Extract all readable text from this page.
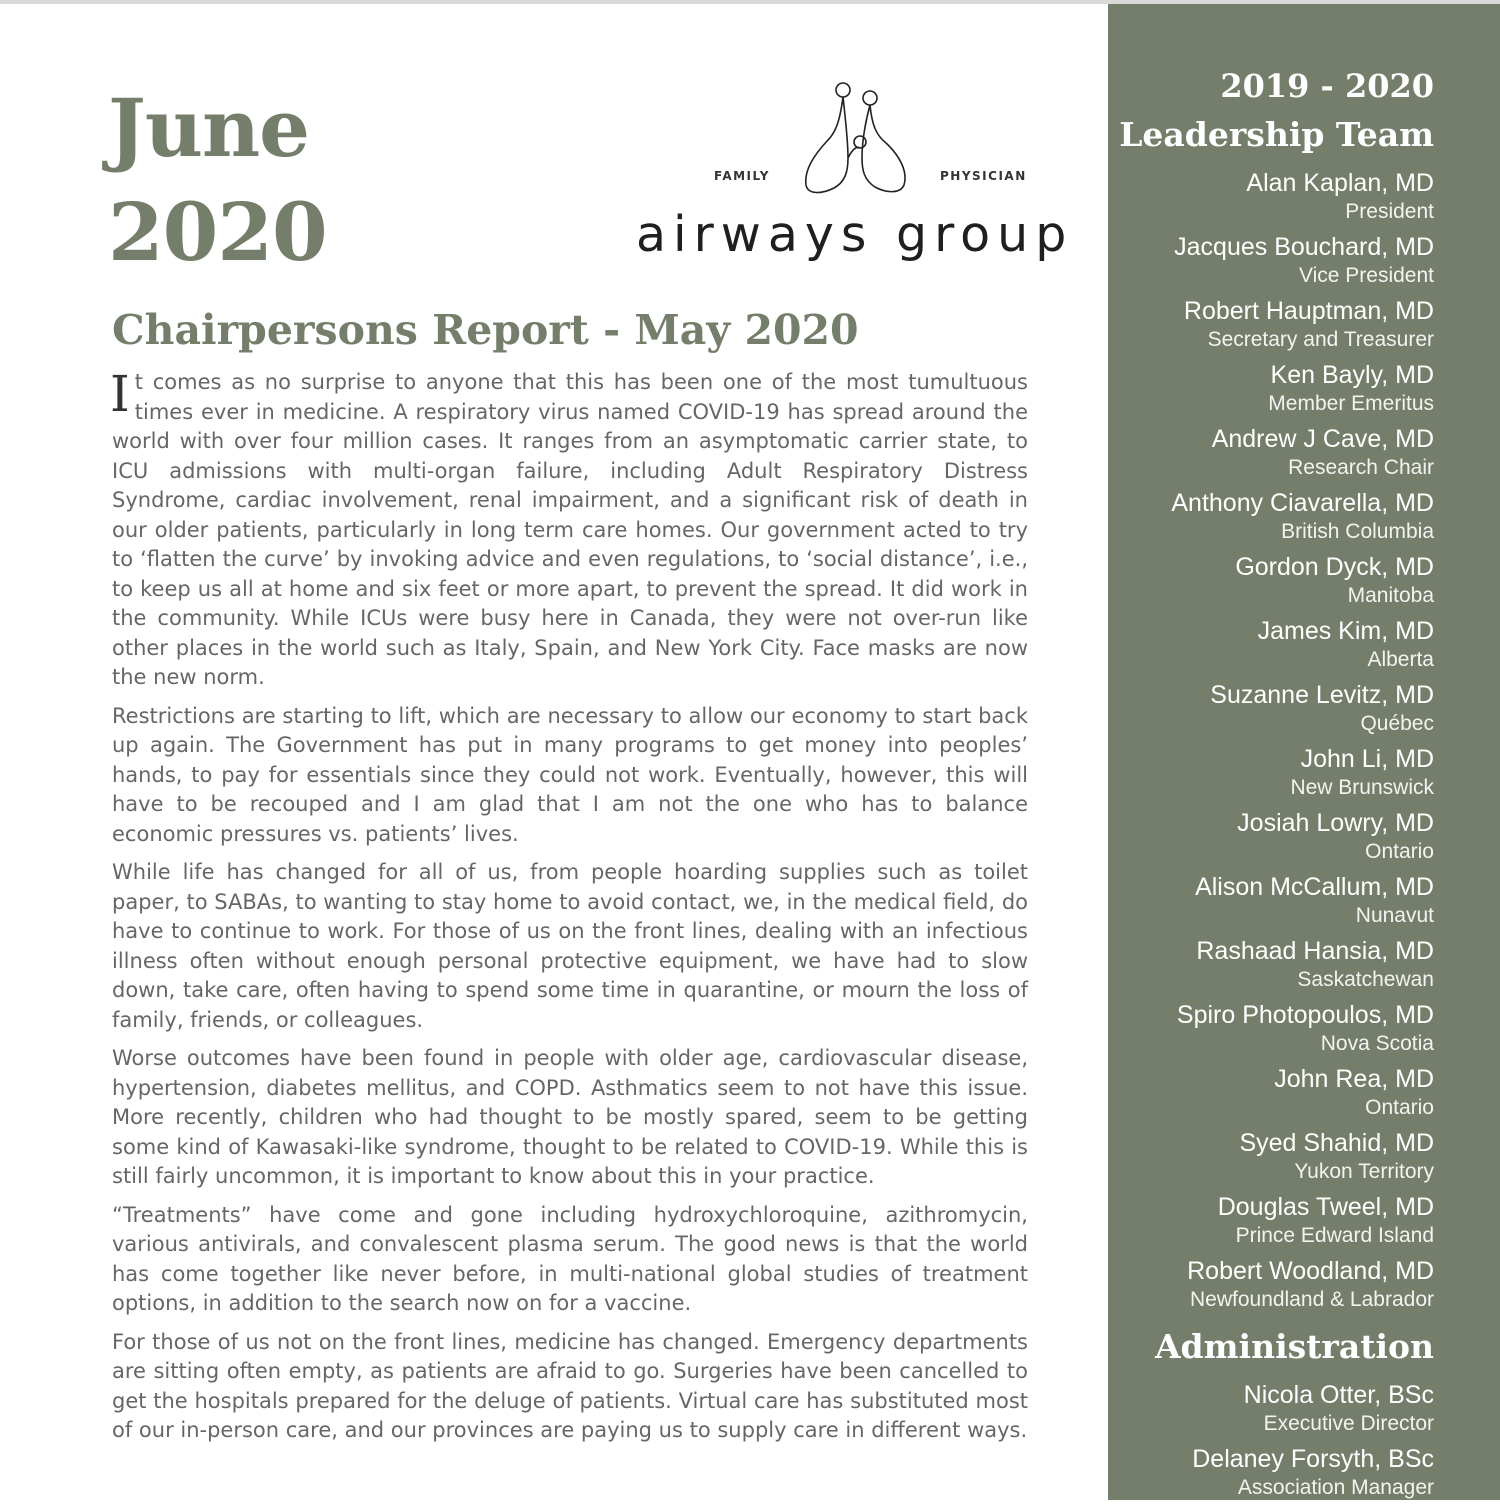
June
2020
FAMILY	PHYSICIAN
airways group
Chairpersons Report - May 2020

It comes as no surprise to anyone that this has been one of the most tumultuous times ever in medicine. A respiratory virus named COVID-19 has spread around the world with over four million cases. It ranges from an asymptomatic carrier state, to ICU admissions with multi-organ failure, including Adult Respiratory Distress Syndrome, cardiac involvement, renal impairment, and a significant risk of death in our older patients, particularly in long term care homes. Our government acted to try to ‘flatten the curve’ by invoking advice and even regulations, to ‘social distance’, i.e., to keep us all at home and six feet or more apart, to prevent the spread. It did work in the community. While ICUs were busy here in Canada, they were not over-run like other places in the world such as Italy, Spain, and New York City. Face masks are now the new norm.

Restrictions are starting to lift, which are necessary to allow our economy to start back up again. The Government has put in many programs to get money into peoples’ hands, to pay for essentials since they could not work. Eventually, however, this will have to be recouped and I am glad that I am not the one who has to balance economic pressures vs. patients’ lives.

While life has changed for all of us, from people hoarding supplies such as toilet paper, to SABAs, to wanting to stay home to avoid contact, we, in the medical field, do have to continue to work. For those of us on the front lines, dealing with an infectious illness often without enough personal protective equipment, we have had to slow down, take care, often having to spend some time in quarantine, or mourn the loss of family, friends, or colleagues.

Worse outcomes have been found in people with older age, cardiovascular disease, hypertension, diabetes mellitus, and COPD. Asthmatics seem to not have this issue. More recently, children who had thought to be mostly spared, seem to be getting some kind of Kawasaki-like syndrome, thought to be related to COVID-19. While this is still fairly uncommon, it is important to know about this in your practice.

“Treatments” have come and gone including hydroxychloroquine, azithromycin, various antivirals, and convalescent plasma serum. The good news is that the world has come together like never before, in multi-national global studies of treatment options, in addition to the search now on for a vaccine.

For those of us not on the front lines, medicine has changed. Emergency departments are sitting often empty, as patients are afraid to go. Surgeries have been cancelled to get the hospitals prepared for the deluge of patients. Virtual care has substituted most of our in-person care, and our provinces are paying us to supply care in different ways.

2019 - 2020
Leadership Team
Alan Kaplan, MD
President
Jacques Bouchard, MD
Vice President
Robert Hauptman, MD
Secretary and Treasurer
Ken Bayly, MD
Member Emeritus
Andrew J Cave, MD
Research Chair
Anthony Ciavarella, MD
British Columbia
Gordon Dyck, MD
Manitoba
James Kim, MD
Alberta
Suzanne Levitz, MD
Québec
John Li, MD
New Brunswick
Josiah Lowry, MD
Ontario
Alison McCallum, MD
Nunavut
Rashaad Hansia, MD
Saskatchewan
Spiro Photopoulos, MD
Nova Scotia
John Rea, MD
Ontario
Syed Shahid, MD
Yukon Territory
Douglas Tweel, MD
Prince Edward Island
Robert Woodland, MD
Newfoundland & Labrador
Administration
Nicola Otter, BSc
Executive Director
Delaney Forsyth, BSc
Association Manager
